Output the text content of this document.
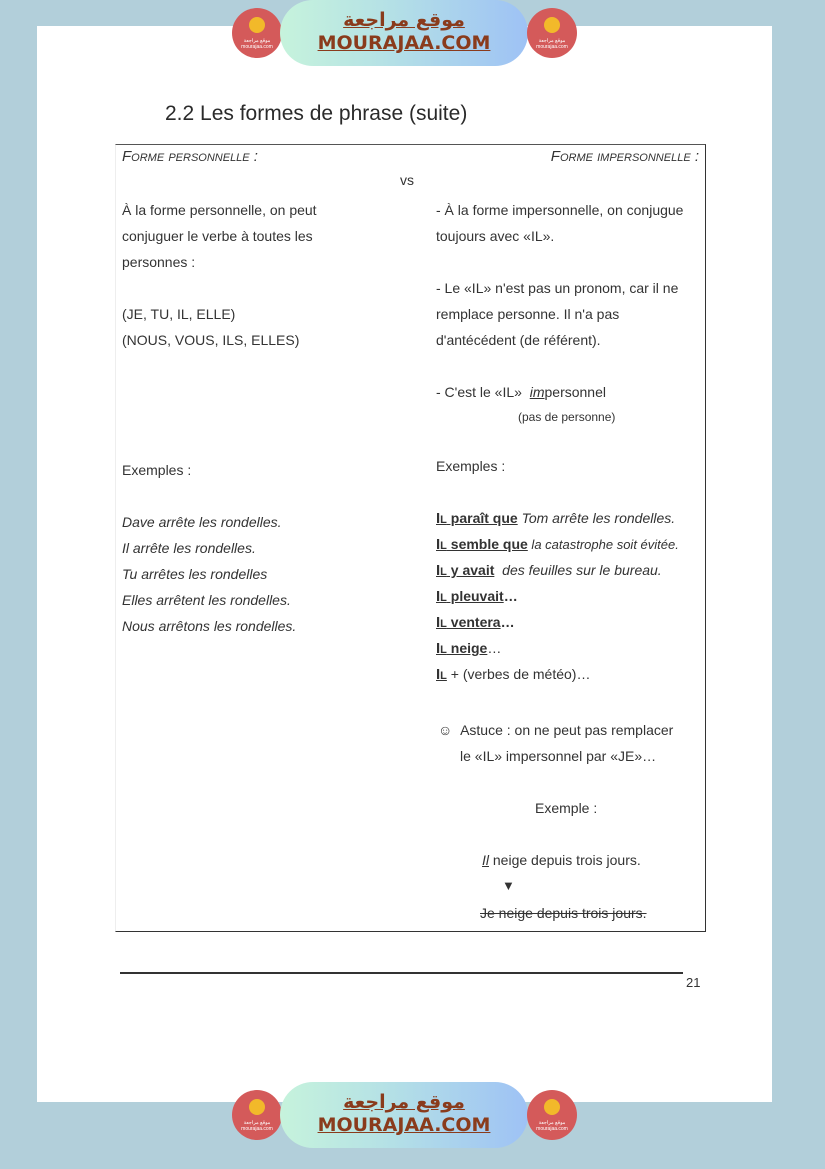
موقع مراجعة mourajaa.com
موقع مراجعة
MOURAJAA.COM	موقع مراجعة mourajaa.com
2.2 Les formes de phrase (suite)
Forme personnelle :	Forme impersonnelle :
vs
À la forme personnelle, on peut
conjuguer le verbe à toutes les
personnes :
(JE, TU, IL, ELLE)
(NOUS, VOUS, ILS, ELLES)
Exemples :
Dave arrête les rondelles.
Il arrête les rondelles.
Tu arrêtes les rondelles
Elles arrêtent les rondelles.
Nous arrêtons les rondelles.
- À la forme impersonnelle, on conjugue
toujours avec «IL».
- Le «IL» n'est pas un pronom, car il ne
remplace personne. Il n'a pas
d'antécédent (de référent).
- C'est le «IL»  impersonnel
(pas de personne)
Exemples :
Il paraît que Tom arrête les rondelles.
Il semble que la catastrophe soit évitée.
Il y avait  des feuilles sur le bureau.
Il pleuvait…
Il ventera…
Il neige…
Il + (verbes de météo)…
☺ Astuce : on ne peut pas remplacer
le «IL» impersonnel par «JE»…
Exemple :
Il neige depuis trois jours.
▼
Je neige depuis trois jours.
21
موقع مراجعة mourajaa.com
موقع مراجعة
MOURAJAA.COM	موقع مراجعة mourajaa.com
